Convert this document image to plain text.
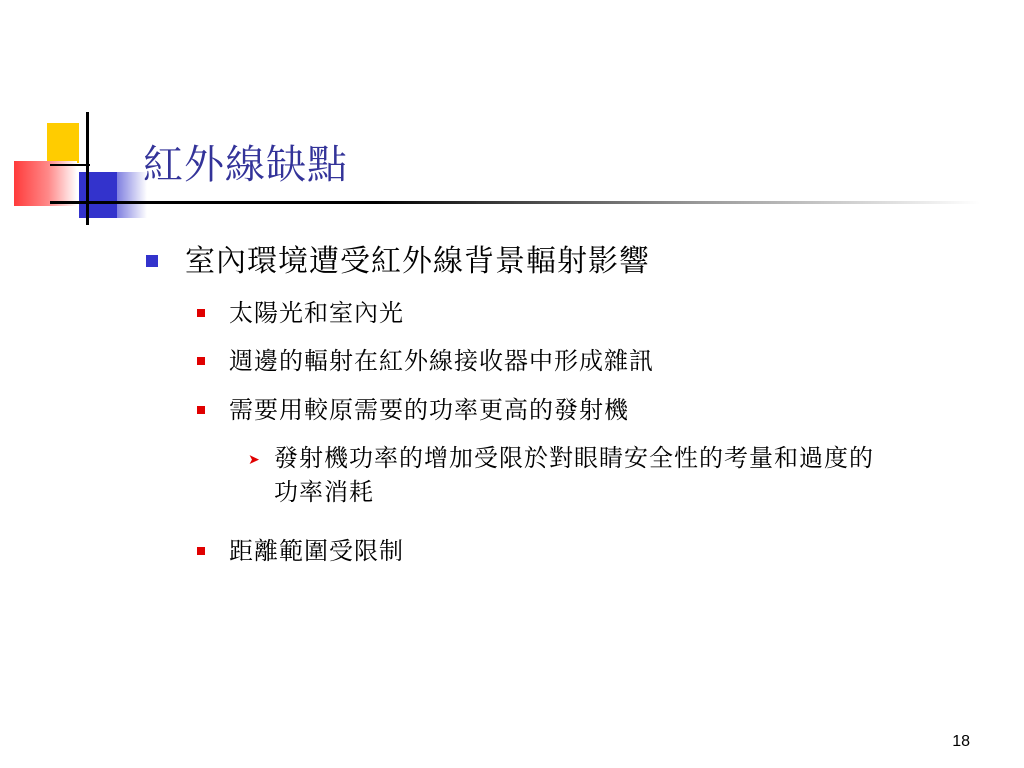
紅外線缺點
室內環境遭受紅外線背景輻射影響
太陽光和室內光
週邊的輻射在紅外線接收器中形成雜訊
需要用較原需要的功率更高的發射機
➤ 發射機功率的增加受限於對眼睛安全性的考量和過度的功率消耗
距離範圍受限制
18
